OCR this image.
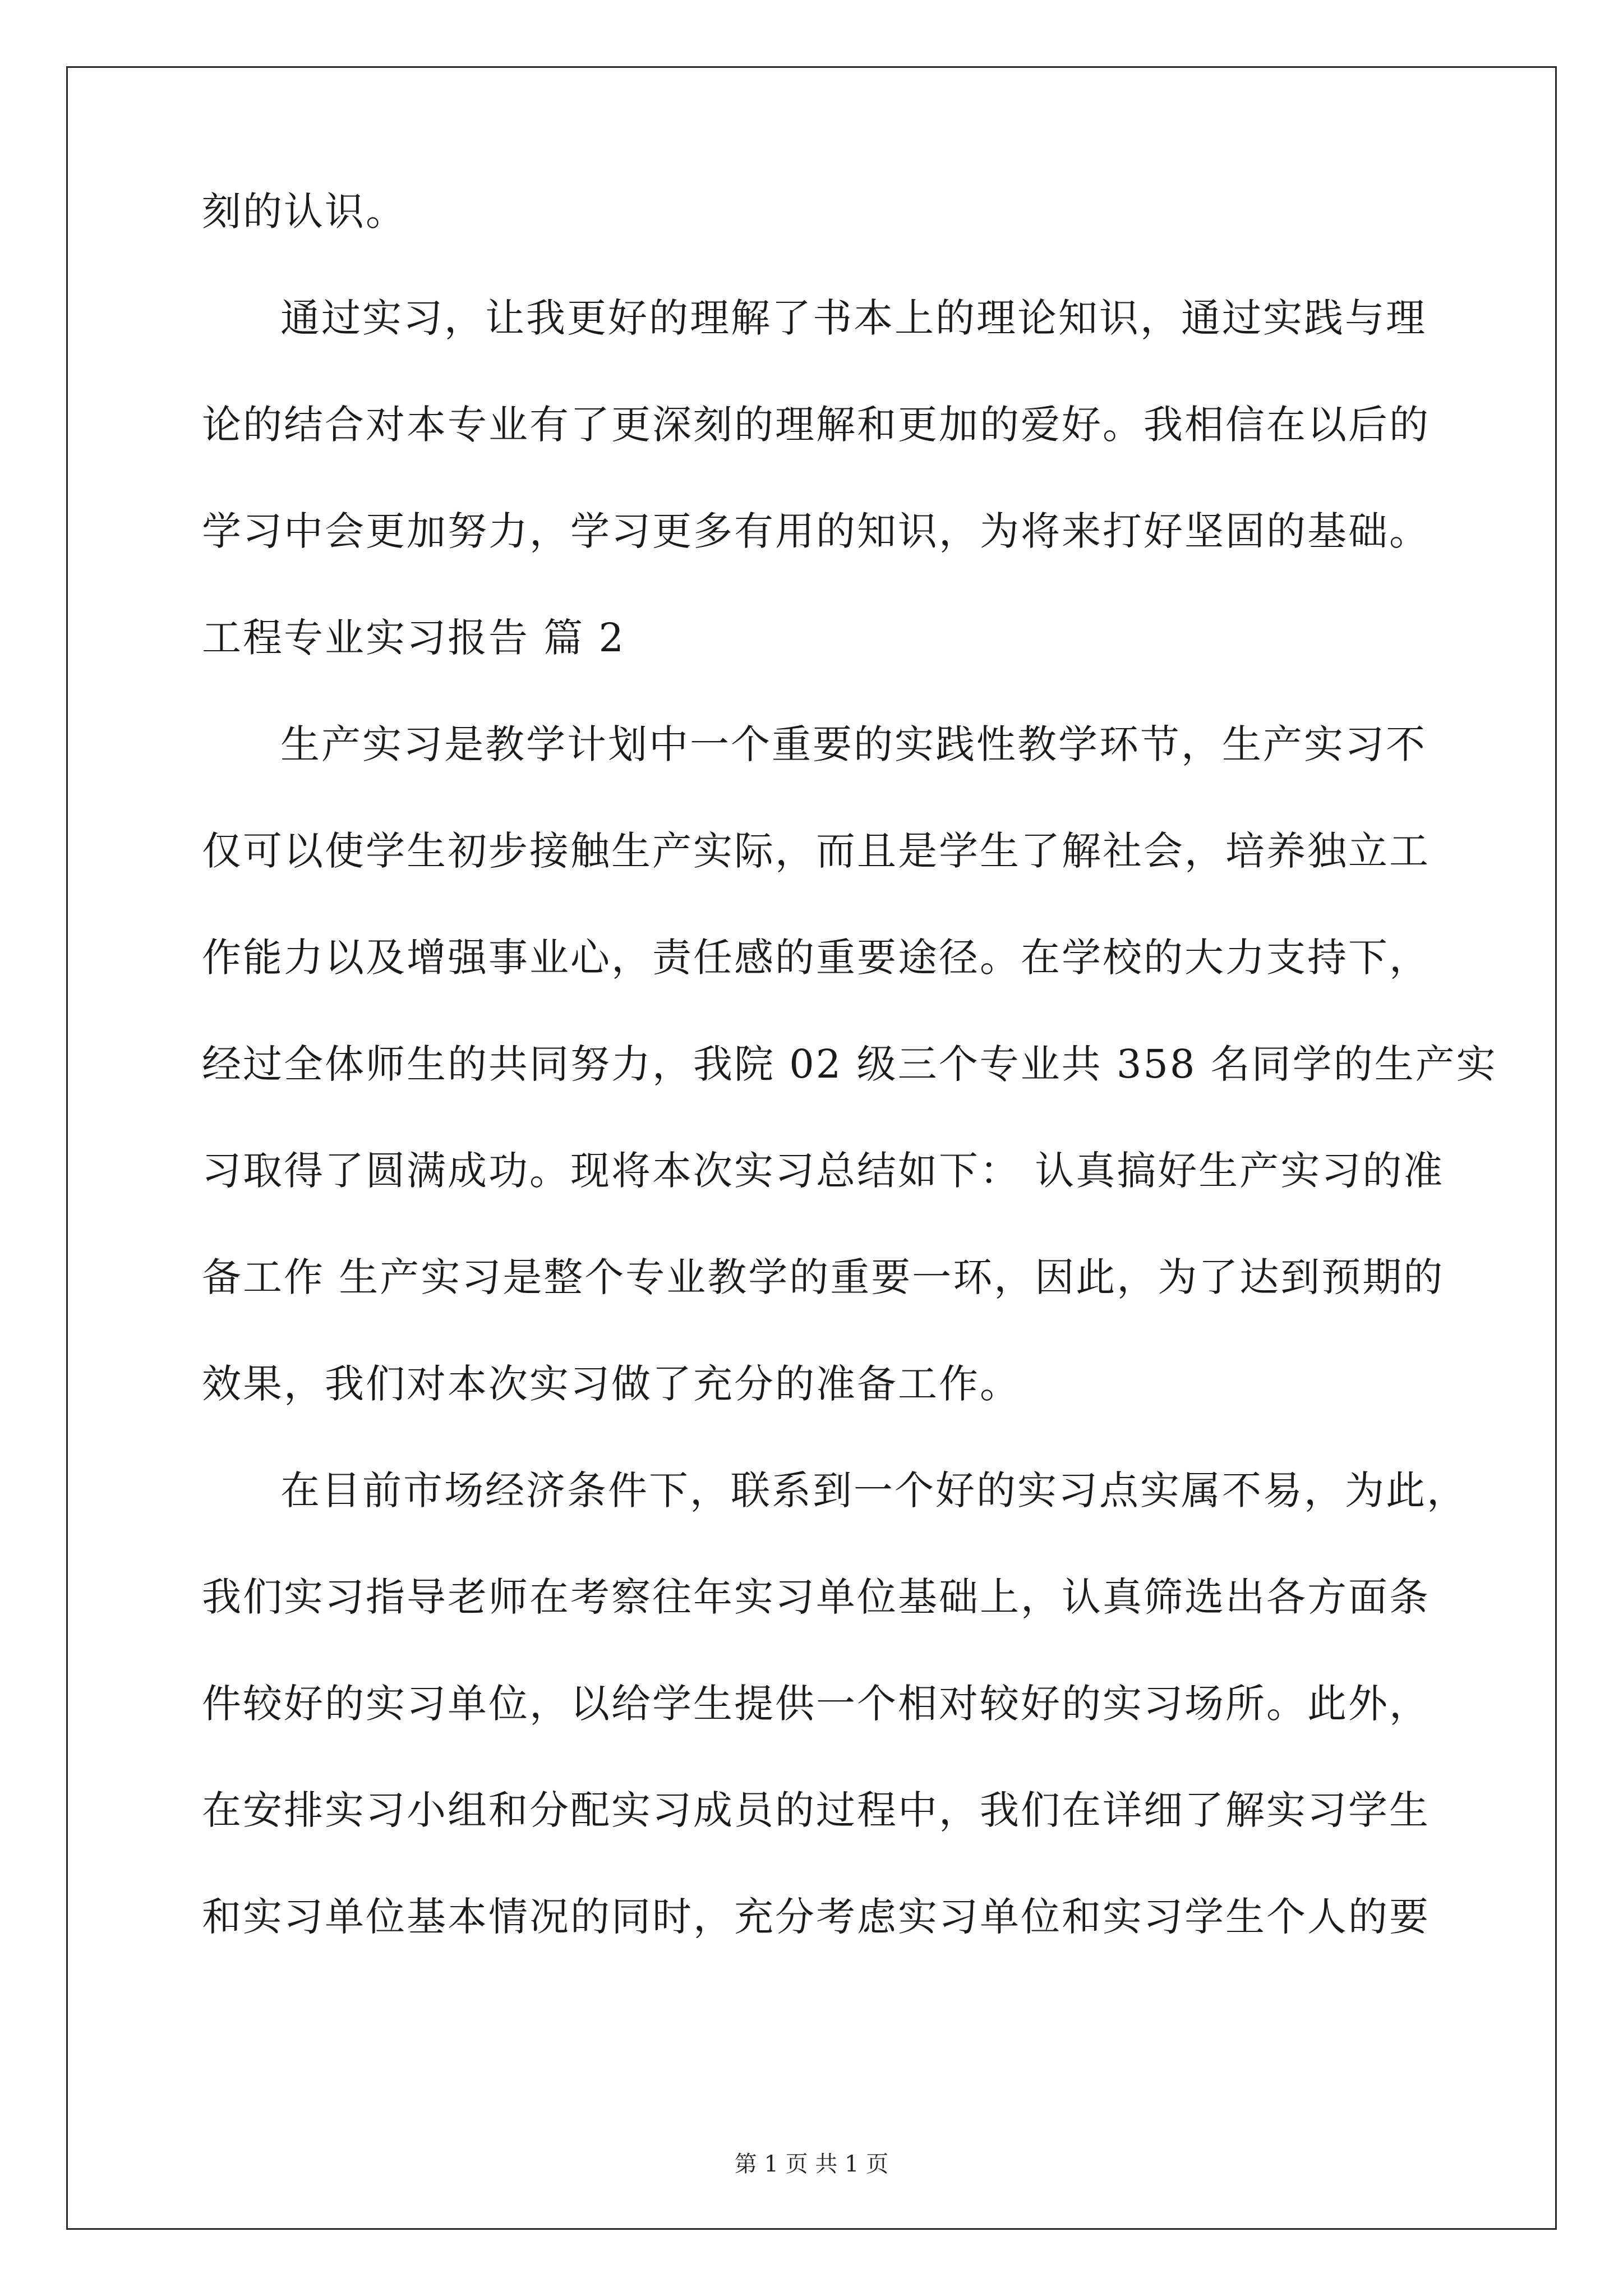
刻的认识。
通过实习，让我更好的理解了书本上的理论知识，通过实践与理
论的结合对本专业有了更深刻的理解和更加的爱好。我相信在以后的
学习中会更加努力，学习更多有用的知识，为将来打好坚固的基础。
工程专业实习报告 篇 2
生产实习是教学计划中一个重要的实践性教学环节，生产实习不
仅可以使学生初步接触生产实际，而且是学生了解社会，培养独立工
作能力以及增强事业心，责任感的重要途径。在学校的大力支持下，
经过全体师生的共同努力，我院 02 级三个专业共 358 名同学的生产实
习取得了圆满成功。现将本次实习总结如下： 认真搞好生产实习的准
备工作 生产实习是整个专业教学的重要一环，因此，为了达到预期的
效果，我们对本次实习做了充分的准备工作。
在目前市场经济条件下，联系到一个好的实习点实属不易，为此，
我们实习指导老师在考察往年实习单位基础上，认真筛选出各方面条
件较好的实习单位，以给学生提供一个相对较好的实习场所。此外，
在安排实习小组和分配实习成员的过程中，我们在详细了解实习学生
和实习单位基本情况的同时，充分考虑实习单位和实习学生个人的要
第 1 页 共 1 页
